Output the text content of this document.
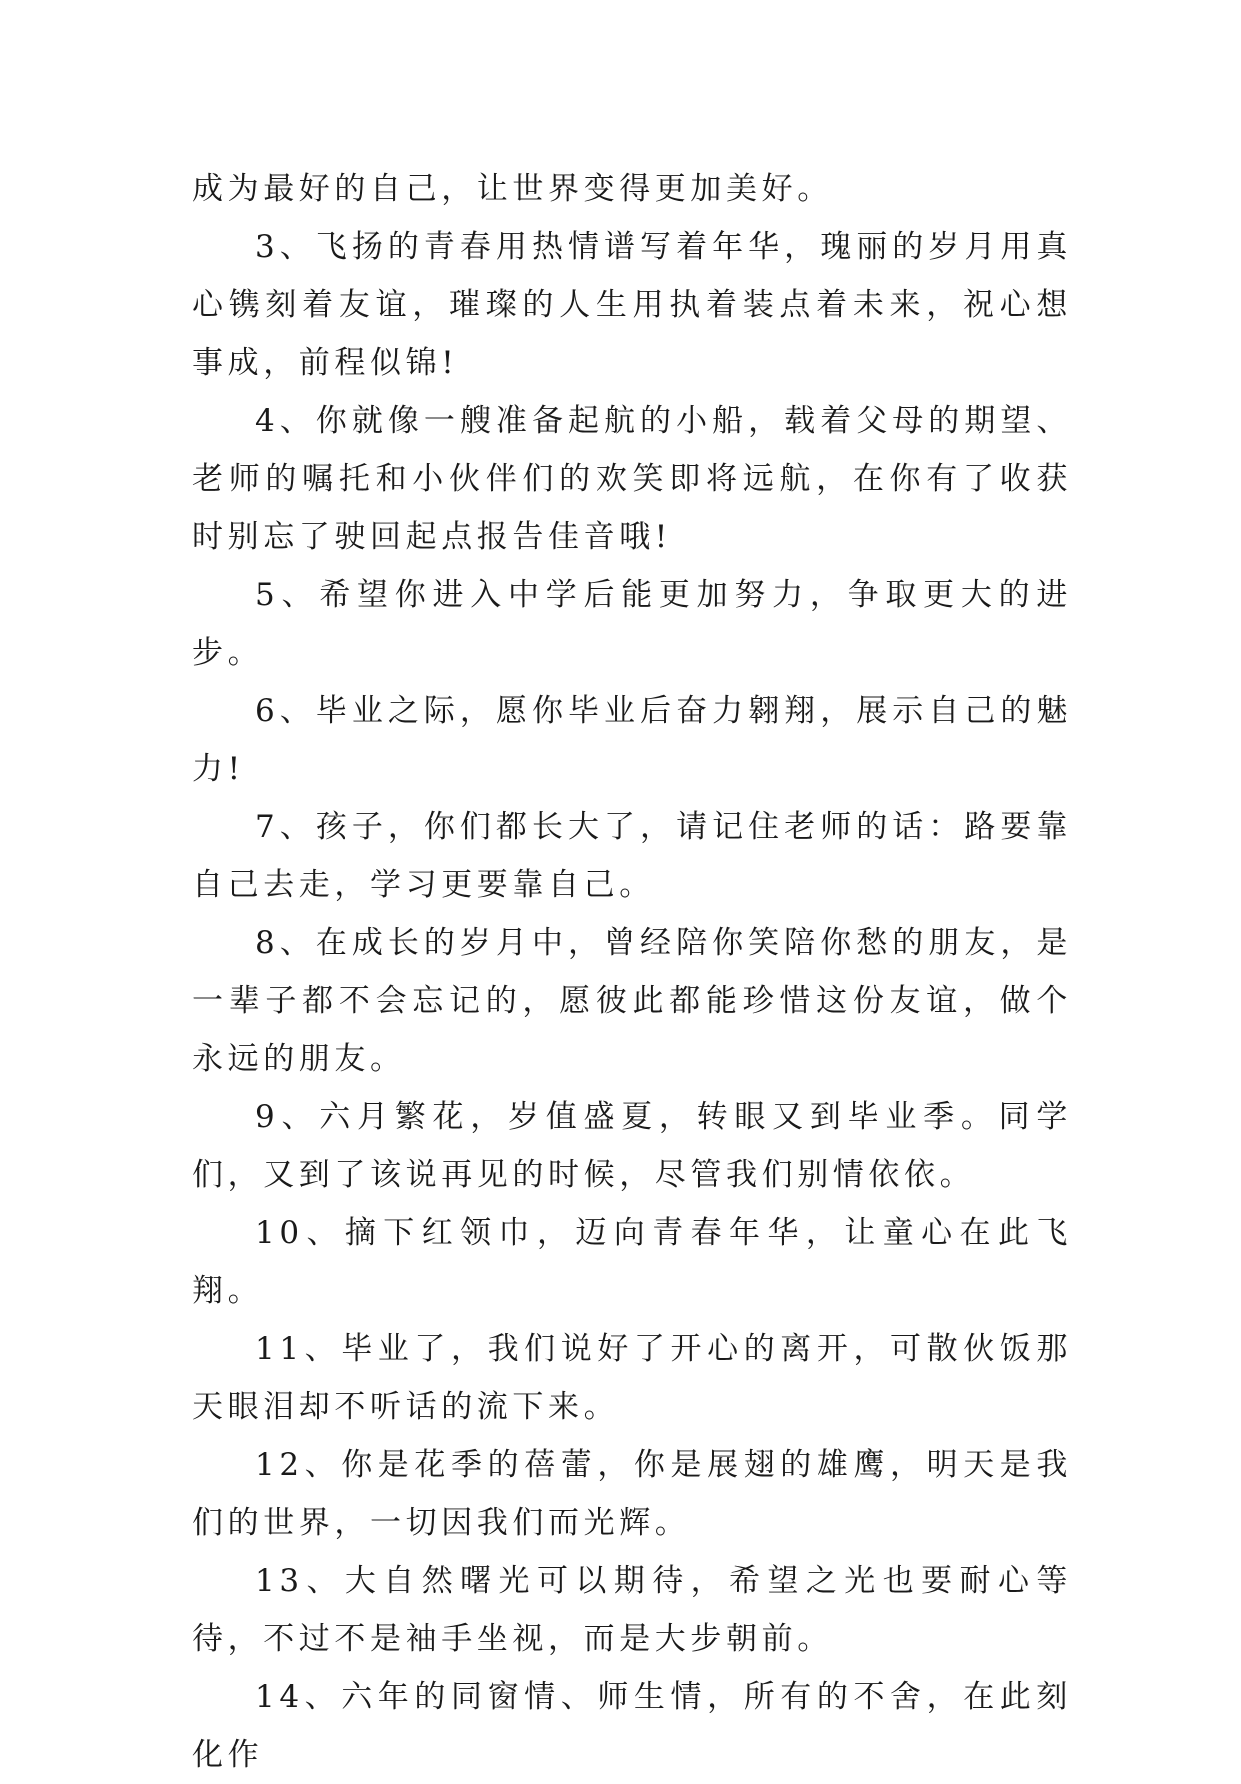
成为最好的自己，让世界变得更加美好。

3、飞扬的青春用热情谱写着年华，瑰丽的岁月用真心镌刻着友谊，璀璨的人生用执着装点着未来，祝心想事成，前程似锦!

4、你就像一艘准备起航的小船，载着父母的期望、老师的嘱托和小伙伴们的欢笑即将远航，在你有了收获时别忘了驶回起点报告佳音哦!

5、希望你进入中学后能更加努力，争取更大的进步。

6、毕业之际，愿你毕业后奋力翱翔，展示自己的魅力!

7、孩子，你们都长大了，请记住老师的话：路要靠自己去走，学习更要靠自己。

8、在成长的岁月中，曾经陪你笑陪你愁的朋友，是一辈子都不会忘记的，愿彼此都能珍惜这份友谊，做个永远的朋友。

9、六月繁花，岁值盛夏，转眼又到毕业季。同学们，又到了该说再见的时候，尽管我们别情依依。

10、摘下红领巾，迈向青春年华，让童心在此飞翔。

11、毕业了，我们说好了开心的离开，可散伙饭那天眼泪却不听话的流下来。

12、你是花季的蓓蕾，你是展翅的雄鹰，明天是我们的世界，一切因我们而光辉。

13、大自然曙光可以期待，希望之光也要耐心等待，不过不是袖手坐视，而是大步朝前。

14、六年的同窗情、师生情，所有的不舍，在此刻化作
